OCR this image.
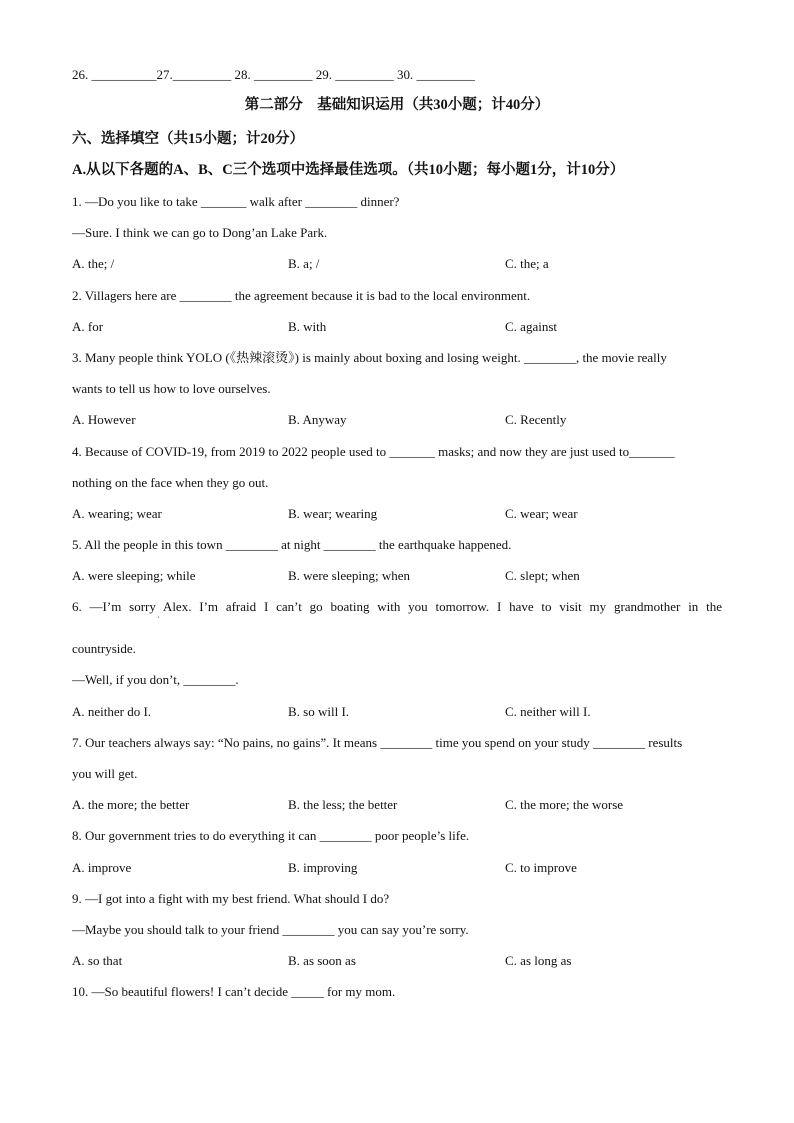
26. __________27._________ 28. _________ 29. _________ 30. _________
第二部分　基础知识运用（共30小题；计40分）
六、选择填空（共15小题；计20分）
A.从以下各题的A、B、C三个选项中选择最佳选项。（共10小题；每小题1分，计10分）
1. —Do you like to take _______ walk after ________ dinner?
—Sure. I think we can go to Dong’an Lake Park.
A. the; /	B. a; /	C. the; a
2. Villagers here are ________ the agreement because it is bad to the local environment.
A. for	B. with	C. against
3. Many people think YOLO (《热辣滚烫》) is mainly about boxing and losing weight. ________, the movie really
wants to tell us how to love ourselves.
A. However	B. Anyway	C. Recently
4. Because of COVID-19, from 2019 to 2022 people used to _______ masks; and now they are just used to_______
nothing on the face when they go out.
A. wearing; wear	B. wear; wearing	C. wear; wear
5. All the people in this town ________ at night ________ the earthquake happened.
A. were sleeping; while	B. were sleeping; when	C. slept; when
6. —I’m sorry Alex. I’m afraid I can’t go boating with you tomorrow. I have to visit my grandmother in the
ˈ
countryside.
—Well, if you don’t, ________.
A. neither do I.	B. so will I.	C. neither will I.
7. Our teachers always say: “No pains, no gains”. It means ________ time you spend on your study ________ results
you will get.
A. the more; the better	B. the less; the better	C. the more; the worse
8. Our government tries to do everything it can ________ poor people’s life.
A. improve	B. improving	C. to improve
9. —I got into a fight with my best friend. What should I do?
—Maybe you should talk to your friend ________ you can say you’re sorry.
A. so that	B. as soon as	C. as long as
10. —So beautiful flowers! I can’t decide _____ for my mom.
